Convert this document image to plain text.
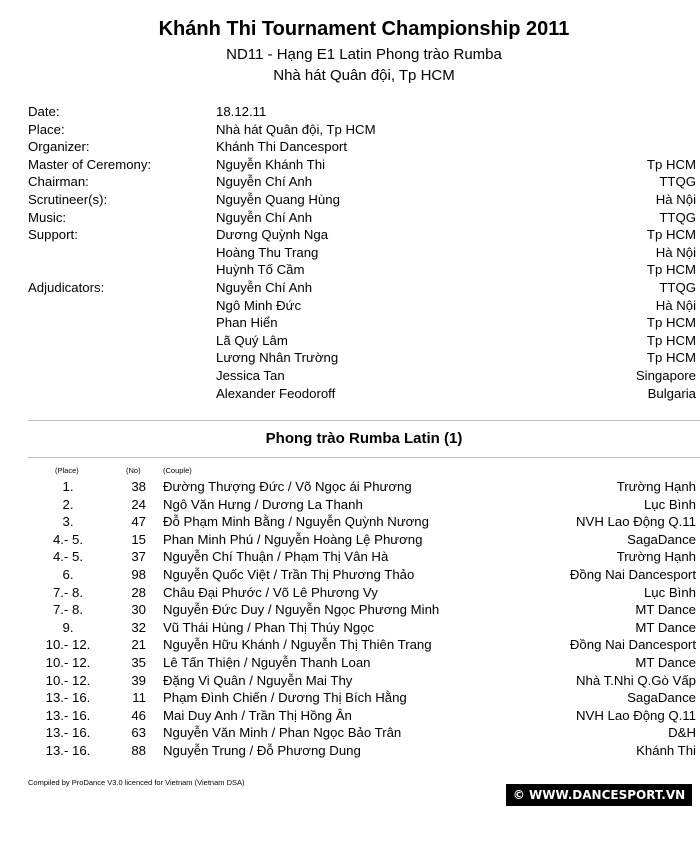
Khánh Thi Tournament Championship 2011
ND11 - Hạng E1 Latin Phong trào Rumba
Nhà hát Quân đội, Tp HCM
Date:	18.12.11
Place:	Nhà hát Quân đội, Tp HCM
Organizer:	Khánh Thi Dancesport
Master of Ceremony:	Nguyễn Khánh Thi	Tp HCM
Chairman:	Nguyễn Chí Anh	TTQG
Scrutineer(s):	Nguyễn Quang Hùng	Hà Nội
Music:	Nguyễn Chí Anh	TTQG
Support:	Dương Quỳnh Nga	Tp HCM
Hoàng Thu Trang	Hà Nội
Huỳnh Tố Cầm	Tp HCM
Adjudicators:	Nguyễn Chí Anh	TTQG
Ngô Minh Đức	Hà Nội
Phan Hiển	Tp HCM
Lã Quý Lâm	Tp HCM
Lương Nhân Trường	Tp HCM
Jessica Tan	Singapore
Alexander Feodoroff	Bulgaria
Phong trào Rumba Latin (1)
(Place)	(No)	(Couple)
1.	38 Đường Thượng Đức / Võ Ngọc ái Phương	Trường Hạnh
2.	24 Ngô Văn Hưng / Dương La Thanh	Lục Bình
3.	47 Đỗ Phạm Minh Bằng / Nguyễn Quỳnh Nương	NVH Lao Động Q.11
4.- 5.	15 Phan Minh Phú / Nguyễn Hoàng Lệ Phương	SagaDance
4.- 5.	37 Nguyễn Chí Thuận / Phạm Thị Vân Hà	Trường Hạnh
6.	98 Nguyễn Quốc Việt / Trần Thị Phương Thảo	Đồng Nai Dancesport
7.- 8.	28 Châu Đại Phước / Võ Lê Phương Vy	Lục Bình
7.- 8.	30 Nguyễn Đức Duy / Nguyễn Ngọc Phương Minh	MT Dance
9.	32 Vũ Thái Hùng / Phan Thị Thúy Ngọc	MT Dance
10.- 12.	21 Nguyễn Hữu Khánh / Nguyễn Thị Thiên Trang	Đồng Nai Dancesport
10.- 12.	35 Lê Tấn Thiện / Nguyễn Thanh Loan	MT Dance
10.- 12.	39 Đặng Vi Quân / Nguyễn Mai Thy	Nhà T.Nhi Q.Gò Vấp
13.- 16.	11 Phạm Đình Chiến / Dương Thị Bích Hằng	SagaDance
13.- 16.	46 Mai Duy Anh / Trần Thị Hồng Ân	NVH Lao Động Q.11
13.- 16.	63 Nguyễn Văn Minh / Phan Ngọc Bảo Trân	D&H
13.- 16.	88 Nguyễn Trung / Đỗ Phương Dung	Khánh Thi
Compiled by ProDance V3.0 licenced for Vietnam (Vietnam DSA)
© WWW.DANCESPORT.VN
